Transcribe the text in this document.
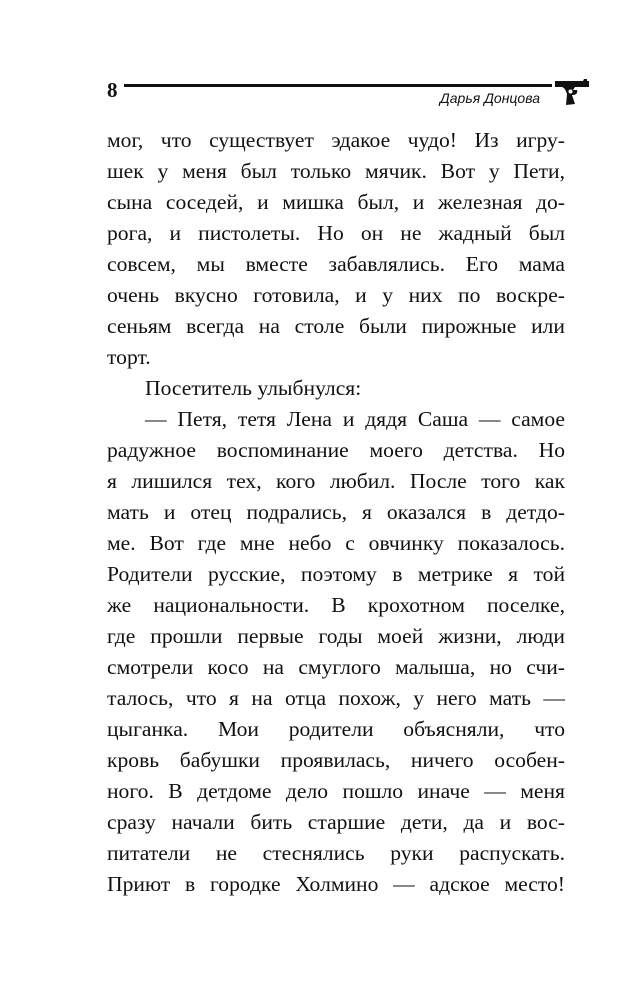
8	Дарья Донцова
мог, что существует эдакое чудо! Из игру-
шек у меня был только мячик. Вот у Пети,
сына соседей, и мишка был, и железная до-
рога, и пистолеты. Но он не жадный был
совсем, мы вместе забавлялись. Его мама
очень вкусно готовила, и у них по воскре-
сеньям всегда на столе были пирожные или
торт.
Посетитель улыбнулся:
— Петя, тетя Лена и дядя Саша — самое
радужное воспоминание моего детства. Но
я лишился тех, кого любил. После того как
мать и отец подрались, я оказался в детдо-
ме. Вот где мне небо с овчинку показалось.
Родители русские, поэтому в метрике я той
же национальности. В крохотном поселке,
где прошли первые годы моей жизни, люди
смотрели косо на смуглого малыша, но счи-
талось, что я на отца похож, у него мать —
цыганка. Мои родители объясняли, что
кровь бабушки проявилась, ничего особен-
ного. В детдоме дело пошло иначе — меня
сразу начали бить старшие дети, да и вос-
питатели не стеснялись руки распускать.
Приют в городке Холмино — адское место!
